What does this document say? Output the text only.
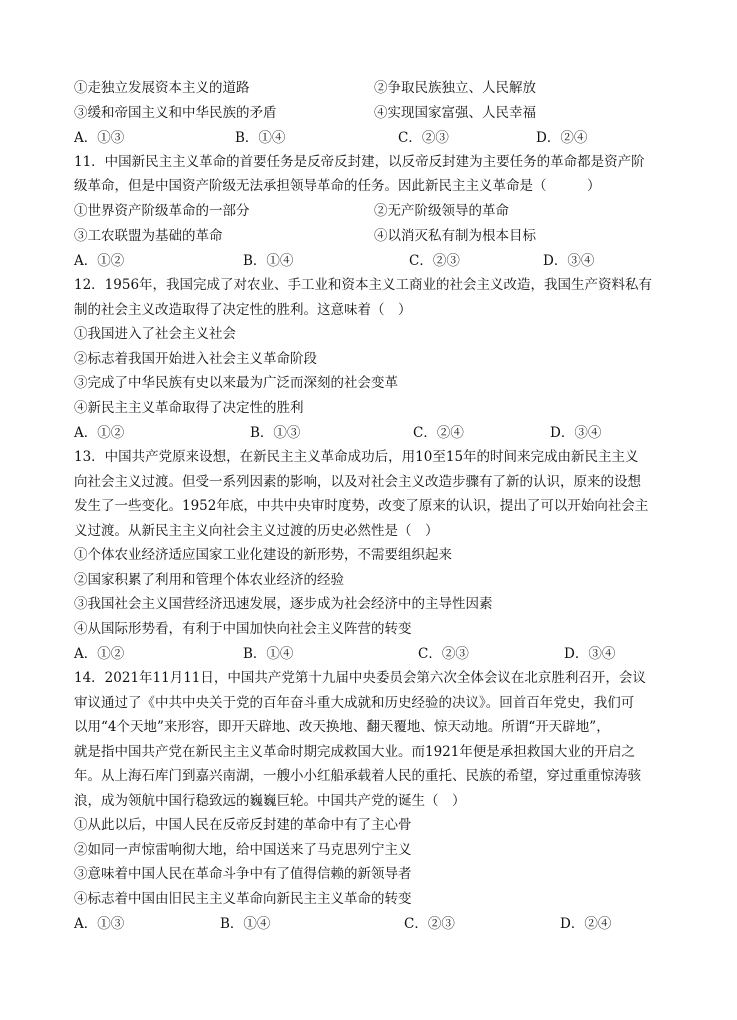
①走独立发展资本主义的道路	②争取民族独立、人民解放
③缓和帝国主义和中华民族的矛盾	④实现国家富强、人民幸福
A．①③	B．①④	C．②③	D．②④
11．中国新民主主义革命的首要任务是反帝反封建，以反帝反封建为主要任务的革命都是资产阶
级革命，但是中国资产阶级无法承担领导革命的任务。因此新民主主义革命是（　　　）
①世界资产阶级革命的一部分	②无产阶级领导的革命
③工农联盟为基础的革命	④以消灭私有制为根本目标
A．①②	B．①④	C．②③	D．③④
12．1956年，我国完成了对农业、手工业和资本主义工商业的社会主义改造，我国生产资料私有
制的社会主义改造取得了决定性的胜利。这意味着（　）
①我国进入了社会主义社会
②标志着我国开始进入社会主义革命阶段
③完成了中华民族有史以来最为广泛而深刻的社会变革
④新民主主义革命取得了决定性的胜利
A．①②	B．①③	C．②④	D．③④
13．中国共产党原来设想，在新民主主义革命成功后，用10至15年的时间来完成由新民主主义
向社会主义过渡。但受一系列因素的影响，以及对社会主义改造步骤有了新的认识，原来的设想
发生了一些变化。1952年底，中共中央审时度势，改变了原来的认识，提出了可以开始向社会主
义过渡。从新民主主义向社会主义过渡的历史必然性是（　）
①个体农业经济适应国家工业化建设的新形势，不需要组织起来
②国家积累了利用和管理个体农业经济的经验
③我国社会主义国营经济迅速发展，逐步成为社会经济中的主导性因素
④从国际形势看，有利于中国加快向社会主义阵营的转变
A．①②	B．①④	C．②③	D．③④
14．2021年11月11日，中国共产党第十九届中央委员会第六次全体会议在北京胜利召开，会议
审议通过了《中共中央关于党的百年奋斗重大成就和历史经验的决议》。回首百年党史，我们可
以用“4个天地”来形容，即开天辟地、改天换地、翻天覆地、惊天动地。所谓“开天辟地”，
就是指中国共产党在新民主主义革命时期完成救国大业。而1921年便是承担救国大业的开启之
年。从上海石库门到嘉兴南湖，一艘小小红船承载着人民的重托、民族的希望，穿过重重惊涛骇
浪，成为领航中国行稳致远的巍巍巨轮。中国共产党的诞生（　）
①从此以后，中国人民在反帝反封建的革命中有了主心骨
②如同一声惊雷响彻大地，给中国送来了马克思列宁主义
③意味着中国人民在革命斗争中有了值得信赖的新领导者
④标志着中国由旧民主主义革命向新民主主义革命的转变
A．①③	B．①④	C．②③	D．②④
